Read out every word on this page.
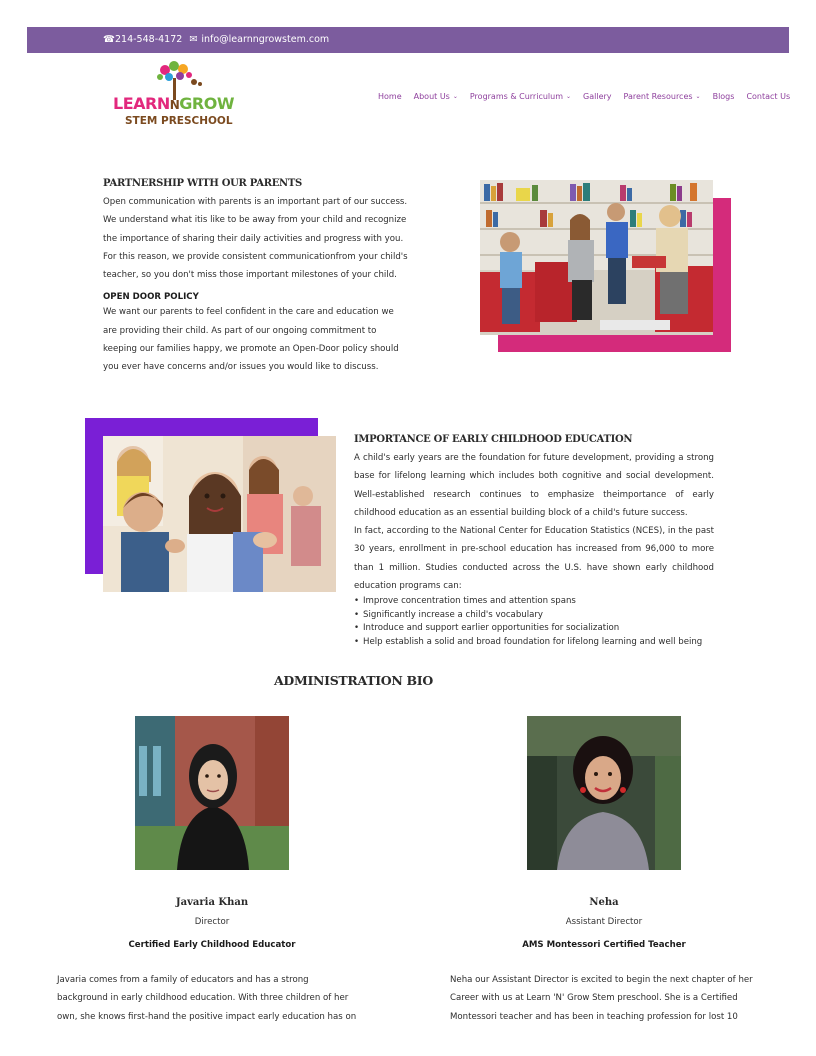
☎214-548-4172 ✉ info@learnngrowstem.com
LEARNNGROW
STEM PRESCHOOL
Home About Us ⌄ Programs & Curriculum ⌄ Gallery Parent Resources ⌄ Blogs Contact Us
PARTNERSHIP WITH OUR PARENTS
Open communication with parents is an important part of our success.
We understand what itis like to be away from your child and recognize
the importance of sharing their daily activities and progress with you.
For this reason, we provide consistent communicationfrom your child's
teacher, so you don't miss those important milestones of your child.
OPEN DOOR POLICY
We want our parents to feel confident in the care and education we
are providing their child. As part of our ongoing commitment to
keeping our families happy, we promote an Open-Door policy should
you ever have concerns and/or issues you would like to discuss.
IMPORTANCE OF EARLY CHILDHOOD EDUCATION
A child's early years are the foundation for future development, providing a strong base for lifelong learning which includes both cognitive and social development. Well-established research continues to emphasize theimportance of early childhood education as an essential building block of a child's future success.
In fact, according to the National Center for Education Statistics (NCES), in the past 30 years, enrollment in pre-school education has increased from 96,000 to more than 1 million. Studies conducted across the U.S. have shown early childhood education programs can:
• Improve concentration times and attention spans
• Significantly increase a child's vocabulary
• Introduce and support earlier opportunities for socialization
• Help establish a solid and broad foundation for lifelong learning and well being
ADMINISTRATION BIO
Javaria Khan
Director
Certified Early Childhood Educator
Neha
Assistant Director
AMS Montessori Certified Teacher
Javaria comes from a family of educators and has a strong
background in early childhood education. With three children of her
own, she knows first-hand the positive impact early education has on
Neha our Assistant Director is excited to begin the next chapter of her
Career with us at Learn 'N' Grow Stem preschool. She is a Certified
Montessori teacher and has been in teaching profession for lost 10
